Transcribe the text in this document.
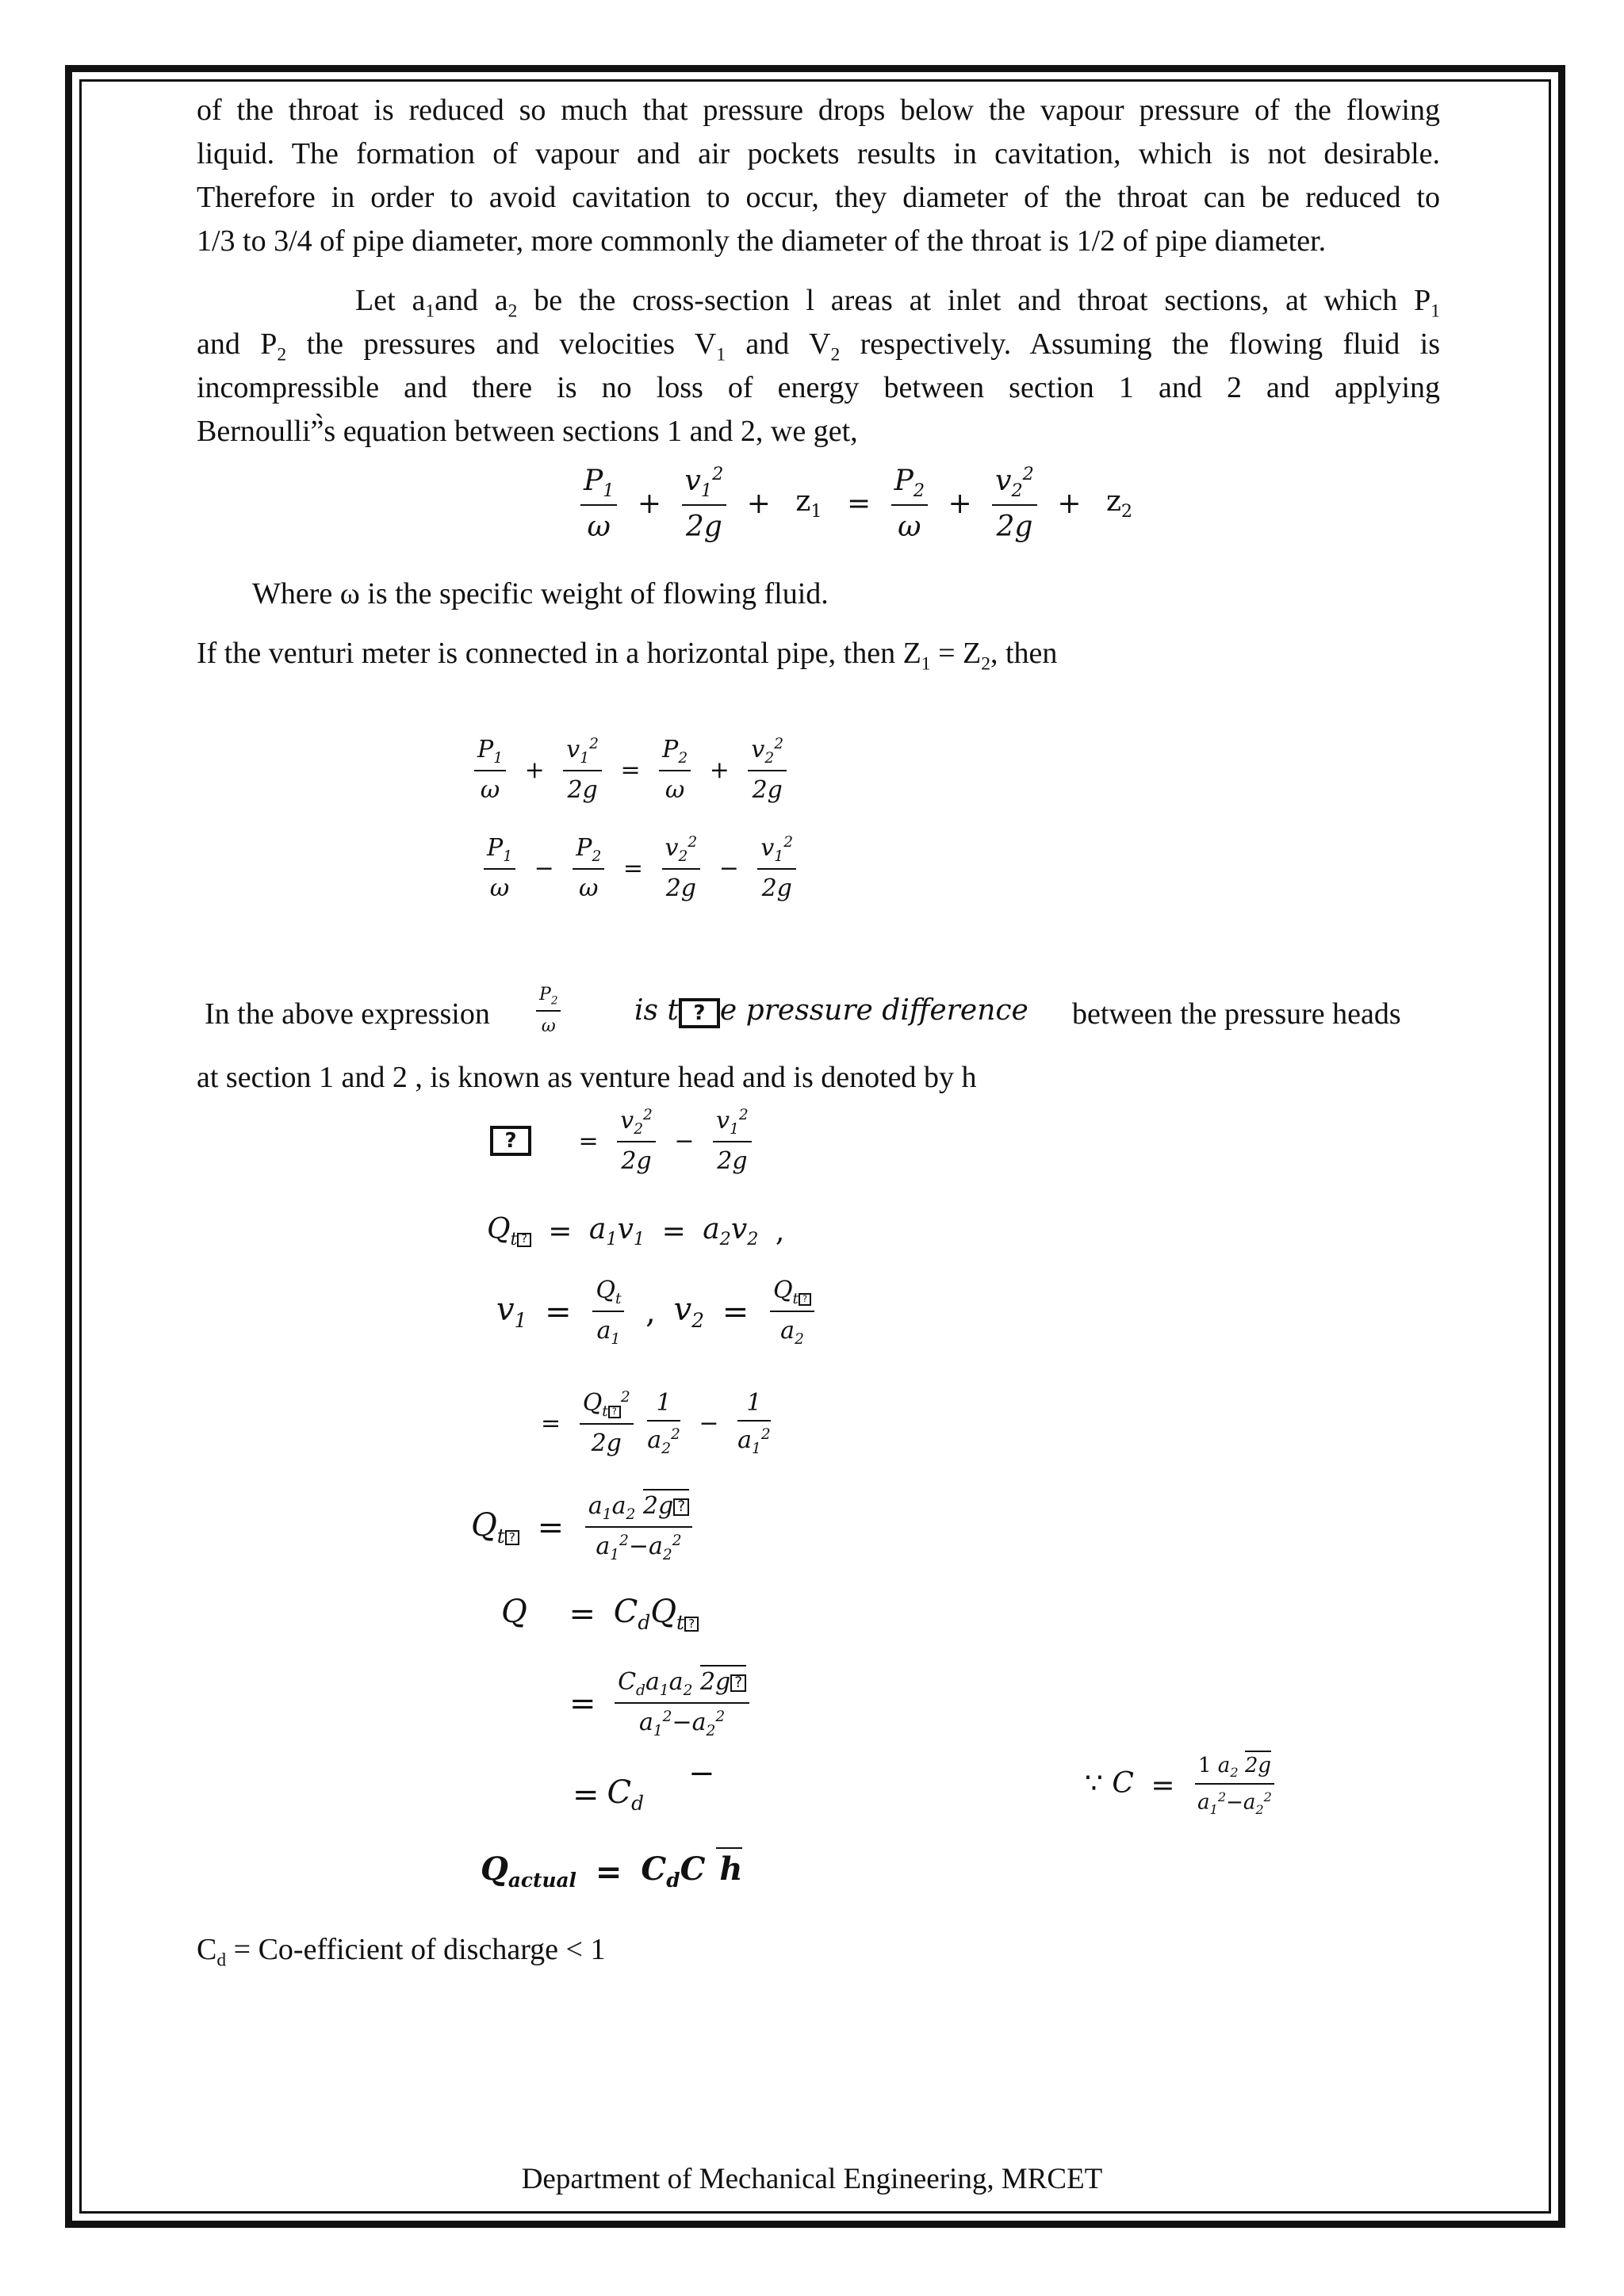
of the throat is reduced so much that pressure drops below the vapour pressure of the flowing
liquid. The formation of vapour and air pockets results in cavitation, which is not desirable.
Therefore in order to avoid cavitation to occur, they diameter of the throat can be reduced to
1/3 to 3/4 of pipe diameter, more commonly the diameter of the throat is 1/2 of pipe diameter.
Let $a_1and$ $a_2$ be the cross-section l areas at inlet and throat sections, at which $P_1$
and $P_2$ the pressures and velocities $V_1$ and $V_2$ respectively. Assuming the flowing fluid is
incompressible and there is no loss of energy between section 1 and 2 and applying
Bernoulli”̀s equation between sections 1 and 2, we get,
$\frac{P_1}{\omega} + \frac{v_1^2}{2g} + z_1 = \frac{P_2}{\omega} + \frac{v_2^2}{2g} + z_2$
Where ω is the specific weight of flowing fluid.
If the venturi meter is connected in a horizontal pipe, then $Z_1 = Z_2$, then
$\frac{P_1}{\omega} + \frac{v_1^2}{2g} = \frac{P_2}{\omega} + \frac{v_2^2}{2g}$
$\frac{P_1}{\omega} - \frac{P_2}{\omega} = \frac{v_2^2}{2g} - \frac{v_1^2}{2g}$
In the above expression	$\frac{P_2}{\omega}$	is t ? e pressure difference between the pressure heads
at section 1 and 2 , is known as venture head and is denoted by h
?	= $\frac{v_2^2}{2g} - \frac{v_1^2}{2g}$
$Q_{t ?} = a_1v_1 = a_2v_2$ ,
$v_1 = \frac{Q_t}{a_1}$ , $v_2 = \frac{Q_{t ?}}{a_2}$
= $\frac{Q_{t ?}^2}{2g}$
$\frac{1}{a_2^2} - \frac{1}{a_1^2}$
$Q_{t ?} = \frac{a_1a_2 2g ?}{a_1^2-a_2^2}$
$Q = C_dQ_{t ?}$
= $\frac{C_da_1a_2 2g ?}{a_1^2-a_2^2}$
= $C_d$
−	∵ $C = \frac{1 a_2 2g}{a_1^2-a_2^2}$
$Q_{actual} = C_dC$ h
$C_d$ = Co-efficient of discharge < 1
Department of Mechanical Engineering, MRCET
